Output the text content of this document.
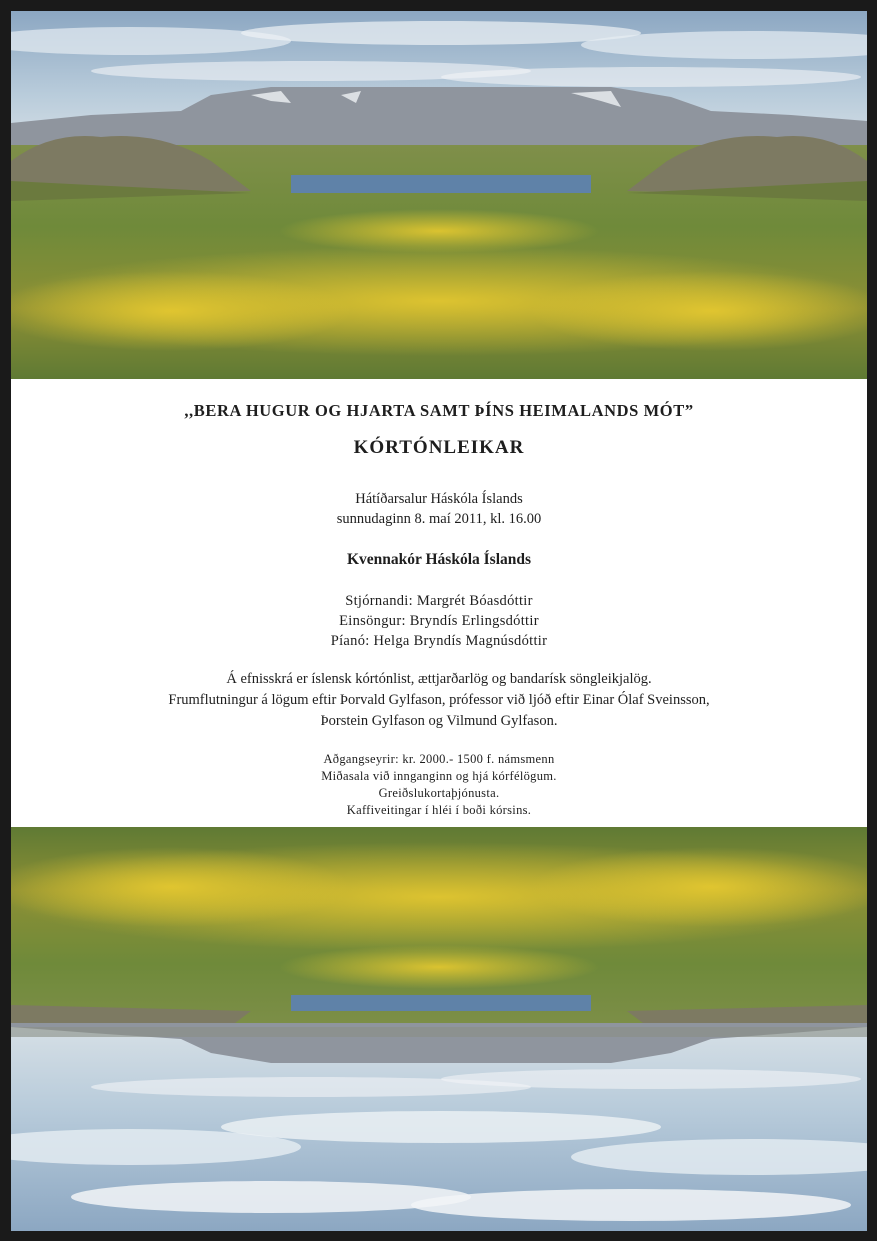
,,BERA HUGUR OG HJARTA SAMT ÞÍNS HEIMALANDS MÓT”
KÓRTÓNLEIKAR
Hátíðarsalur Háskóla Íslands
sunnudaginn 8. maí 2011, kl. 16.00
Kvennakór Háskóla Íslands
Stjórnandi: Margrét Bóasdóttir
Einsöngur: Bryndís Erlingsdóttir
Píanó: Helga Bryndís Magnúsdóttir
Á efnisskrá er íslensk kórtónlist, ættjarðarlög og bandarísk söngleikjalög.
Frumflutningur á lögum eftir Þorvald Gylfason, prófessor við ljóð eftir Einar Ólaf Sveinsson,
Þorstein Gylfason og Vilmund Gylfason.
Aðgangseyrir: kr. 2000.- 1500 f. námsmenn
Miðasala við innganginn og hjá kórfélögum.
Greiðslukortaþjónusta.
Kaffiveitingar í hléi í boði kórsins.
